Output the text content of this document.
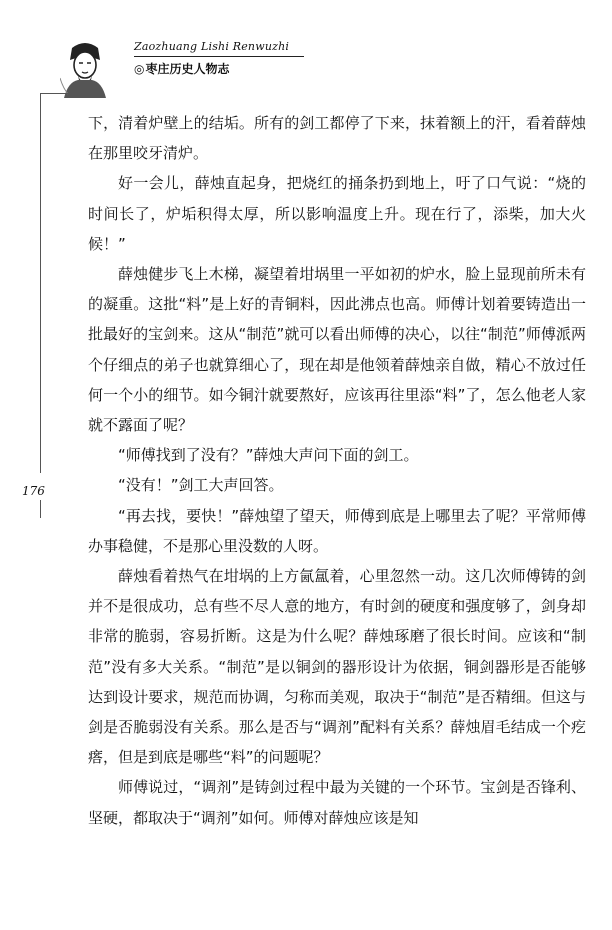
Zaozhuang Lishi Renwuzhi
◎枣庄历史人物志
176

下，清着炉壁上的结垢。所有的剑工都停了下来，抹着额上的汗，看着薛烛在那里咬牙清炉。

好一会儿，薛烛直起身，把烧红的捅条扔到地上，吁了口气说：“烧的时间长了，炉垢积得太厚，所以影响温度上升。现在行了，添柴，加大火候！”

薛烛健步飞上木梯，凝望着坩埚里一平如初的炉水，脸上显现前所未有的凝重。这批“料”是上好的青铜料，因此沸点也高。师傅计划着要铸造出一批最好的宝剑来。这从“制范”就可以看出师傅的决心，以往“制范”师傅派两个仔细点的弟子也就算细心了，现在却是他领着薛烛亲自做，精心不放过任何一个小的细节。如今铜汁就要熬好，应该再往里添“料”了，怎么他老人家就不露面了呢？

“师傅找到了没有？”薛烛大声问下面的剑工。

“没有！”剑工大声回答。

“再去找，要快！”薛烛望了望天，师傅到底是上哪里去了呢？平常师傅办事稳健，不是那心里没数的人呀。

薛烛看着热气在坩埚的上方氤氲着，心里忽然一动。这几次师傅铸的剑并不是很成功，总有些不尽人意的地方，有时剑的硬度和强度够了，剑身却非常的脆弱，容易折断。这是为什么呢？薛烛琢磨了很长时间。应该和“制范”没有多大关系。“制范”是以铜剑的器形设计为依据，铜剑器形是否能够达到设计要求，规范而协调，匀称而美观，取决于“制范”是否精细。但这与剑是否脆弱没有关系。那么是否与“调剂”配料有关系？薛烛眉毛结成一个疙瘩，但是到底是哪些“料”的问题呢？

师傅说过，“调剂”是铸剑过程中最为关键的一个环节。宝剑是否锋利、坚硬，都取决于“调剂”如何。师傅对薛烛应该是知
